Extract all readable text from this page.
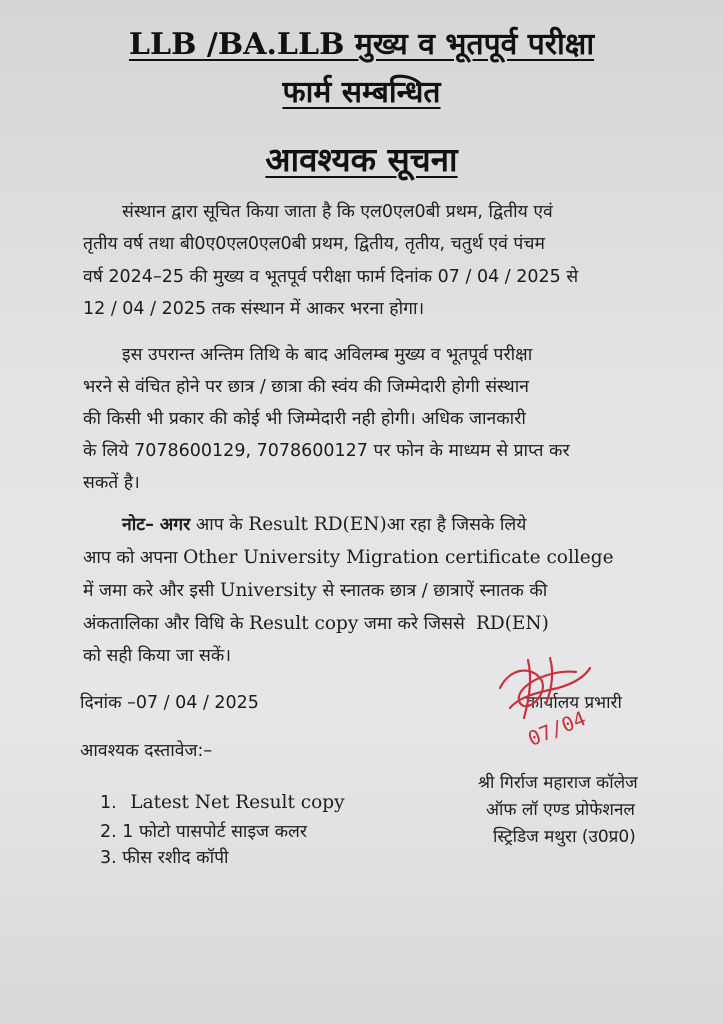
LLB /BA.LLB मुख्य व भूतपूर्व परीक्षा
फार्म सम्बन्धित
आवश्यक सूचना
संस्थान द्वारा सूचित किया जाता है कि एल0एल0बी प्रथम, द्वितीय एवं
तृतीय वर्ष तथा बी0ए0एल0एल0बी प्रथम, द्वितीय, तृतीय, चतुर्थ एवं पंचम
वर्ष 2024–25 की मुख्य व भूतपूर्व परीक्षा फार्म दिनांक 07 / 04 / 2025 से
12 / 04 / 2025 तक संस्थान में आकर भरना होगा।
इस उपरान्त अन्तिम तिथि के बाद अविलम्ब मुख्य व भूतपूर्व परीक्षा
भरने से वंचित होने पर छात्र / छात्रा की स्वंय की जिम्मेदारी होगी संस्थान
की किसी भी प्रकार की कोई भी जिम्मेदारी नही होगी। अधिक जानकारी
के लिये 7078600129, 7078600127 पर फोन के माध्यम से प्राप्त कर
सकतें है।
नोट– अगर आप के Result RD(EN)आ रहा है जिसके लिये
आप को अपना Other University Migration certificate college
में जमा करे और इसी University से स्नातक छात्र / छात्राऐं स्नातक की
अंकतालिका और विधि के Result copy जमा करे जिससे RD(EN)
को सही किया जा सकें।
दिनांक –07 / 04 / 2025	कार्यालय प्रभारी
07/04
श्री गिर्राज महाराज कॉलेज
ऑफ लॉ एण्ड प्रोफेशनल
स्ट्रिडिज मथुरा (उ0प्र0)
आवश्यक दस्तावेज:–
1. Latest Net Result copy
2. 1 फोटो पासपोर्ट साइज कलर
3. फीस रशीद कॉपी
